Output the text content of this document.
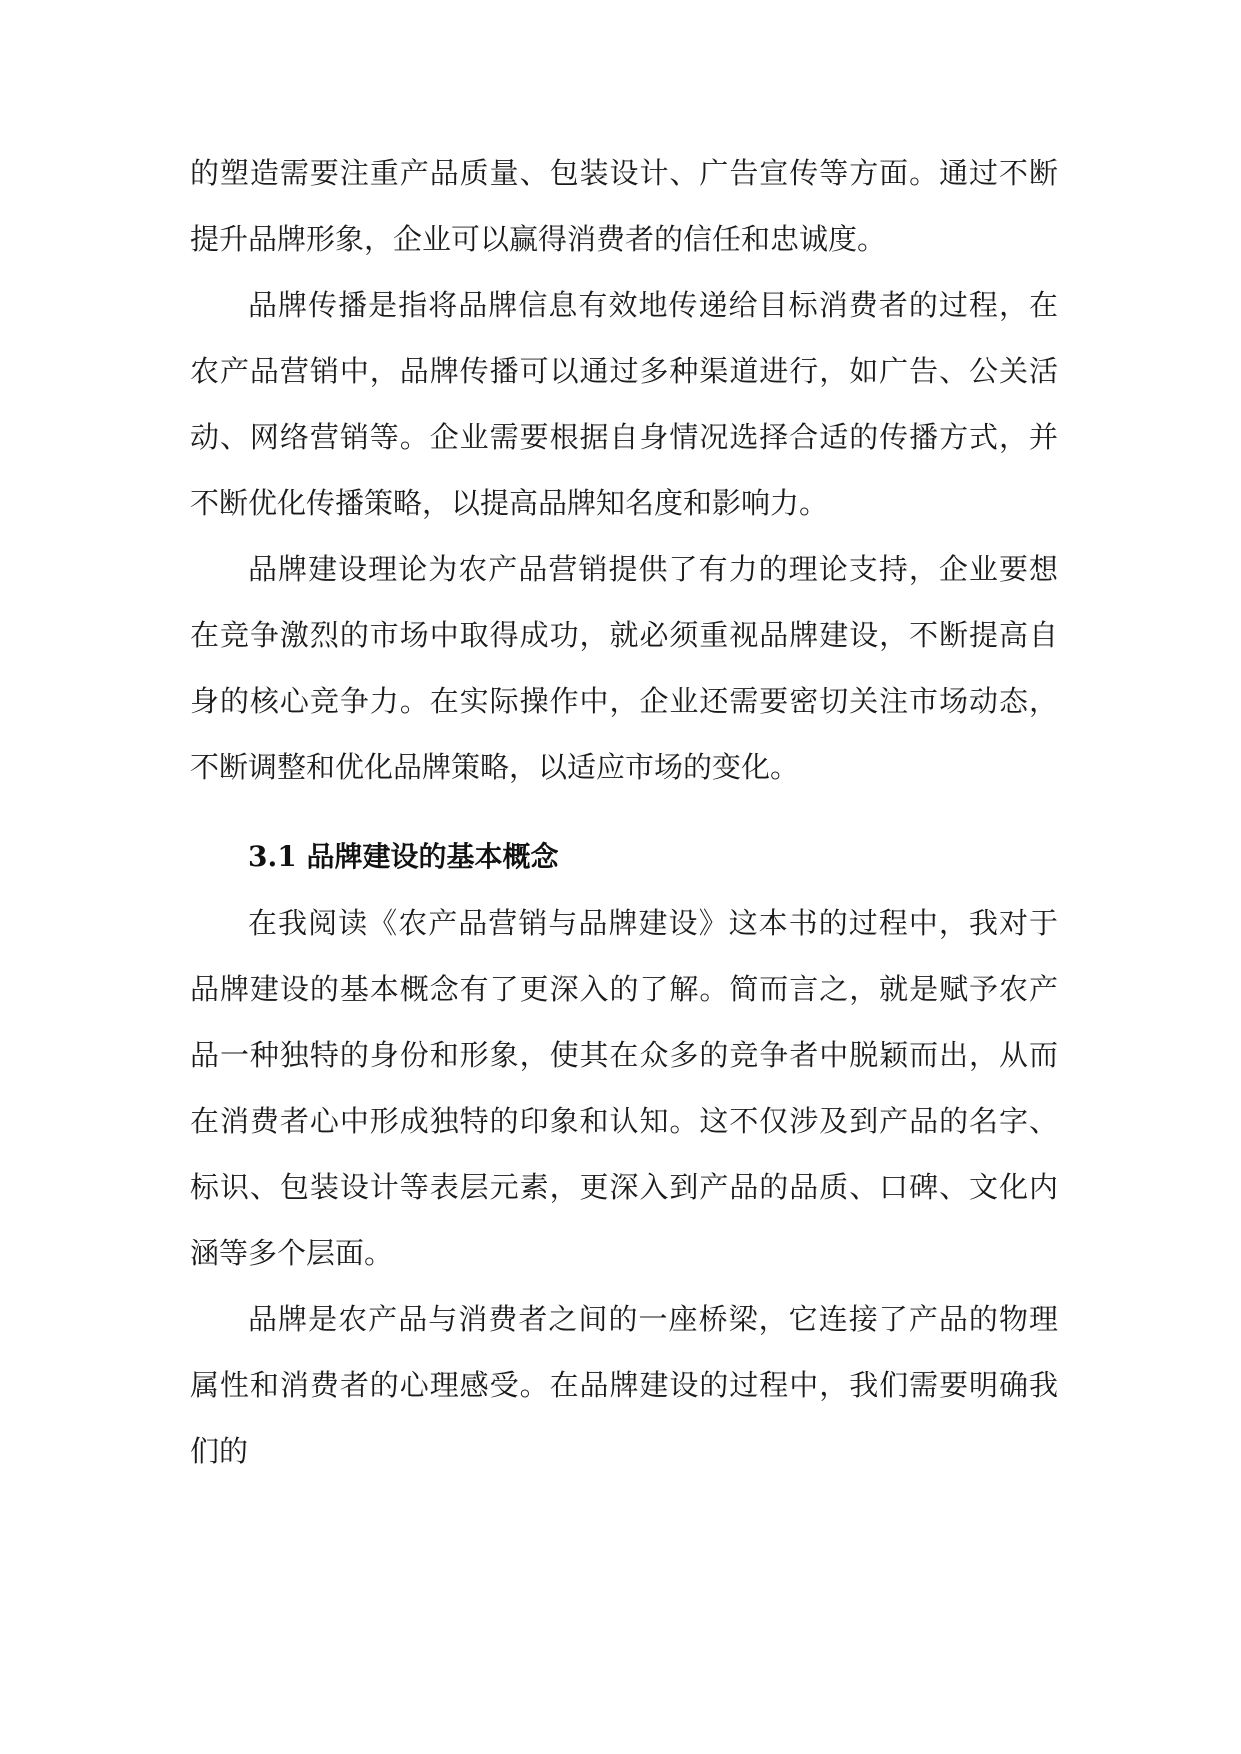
的塑造需要注重产品质量、包装设计、广告宣传等方面。通过不断提升品牌形象，企业可以赢得消费者的信任和忠诚度。

品牌传播是指将品牌信息有效地传递给目标消费者的过程，在农产品营销中，品牌传播可以通过多种渠道进行，如广告、公关活动、网络营销等。企业需要根据自身情况选择合适的传播方式，并不断优化传播策略，以提高品牌知名度和影响力。

品牌建设理论为农产品营销提供了有力的理论支持，企业要想在竞争激烈的市场中取得成功，就必须重视品牌建设，不断提高自身的核心竞争力。在实际操作中，企业还需要密切关注市场动态，不断调整和优化品牌策略，以适应市场的变化。

3.1 品牌建设的基本概念

在我阅读《农产品营销与品牌建设》这本书的过程中，我对于品牌建设的基本概念有了更深入的了解。简而言之，就是赋予农产品一种独特的身份和形象，使其在众多的竞争者中脱颖而出，从而在消费者心中形成独特的印象和认知。这不仅涉及到产品的名字、标识、包装设计等表层元素，更深入到产品的品质、口碑、文化内涵等多个层面。

品牌是农产品与消费者之间的一座桥梁，它连接了产品的物理属性和消费者的心理感受。在品牌建设的过程中，我们需要明确我们的
